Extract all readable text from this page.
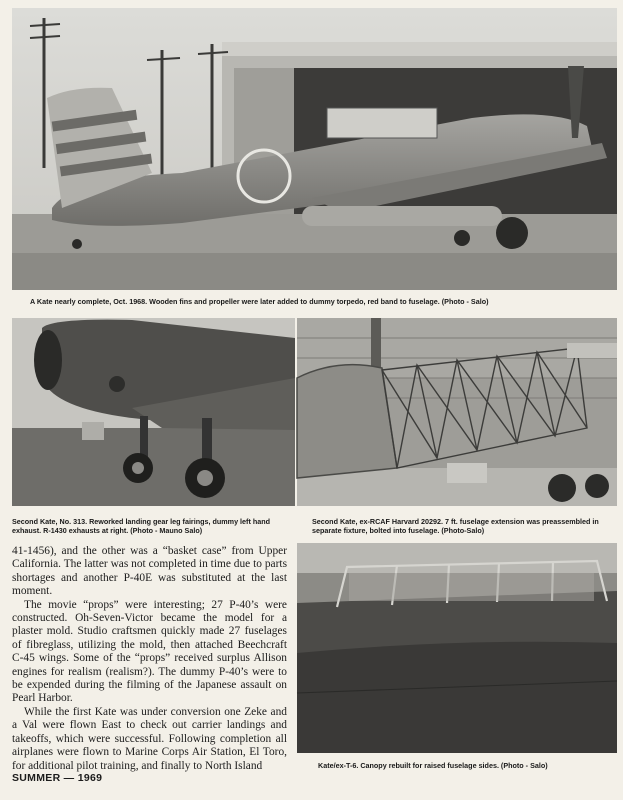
A Kate nearly complete, Oct. 1968. Wooden fins and propeller were later added to dummy torpedo, red band to fuselage. (Photo - Salo)
Second Kate, No. 313. Reworked landing gear leg fairings, dummy left hand exhaust. R-1430 exhausts at right. (Photo - Mauno Salo)
Second Kate, ex-RCAF Harvard 20292. 7 ft. fuselage extension was preassembled in separate fixture, bolted into fuselage. (Photo-Salo)

41-1456), and the other was a “basket case” from Upper California. The latter was not completed in time due to parts shortages and another P-40E was substituted at the last moment.

The movie “props” were interesting; 27 P-40’s were constructed. Oh-Seven-Victor became the model for a plaster mold. Studio craftsmen quickly made 27 fuselages of fibreglass, utilizing the mold, then attached Beechcraft C-45 wings. Some of the “props” received surplus Allison engines for realism (realism?). The dummy P-40’s were to be expended during the filming of the Japanese assault on Pearl Harbor.

While the first Kate was under conversion one Zeke and a Val were flown East to check out carrier landings and takeoffs, which were successful. Following completion all airplanes were flown to Marine Corps Air Station, El Toro, for additional pilot training, and finally to North Island	Kate/ex-T-6. Canopy rebuilt for raised fuselage sides. (Photo - Salo)
SUMMER — 1969
